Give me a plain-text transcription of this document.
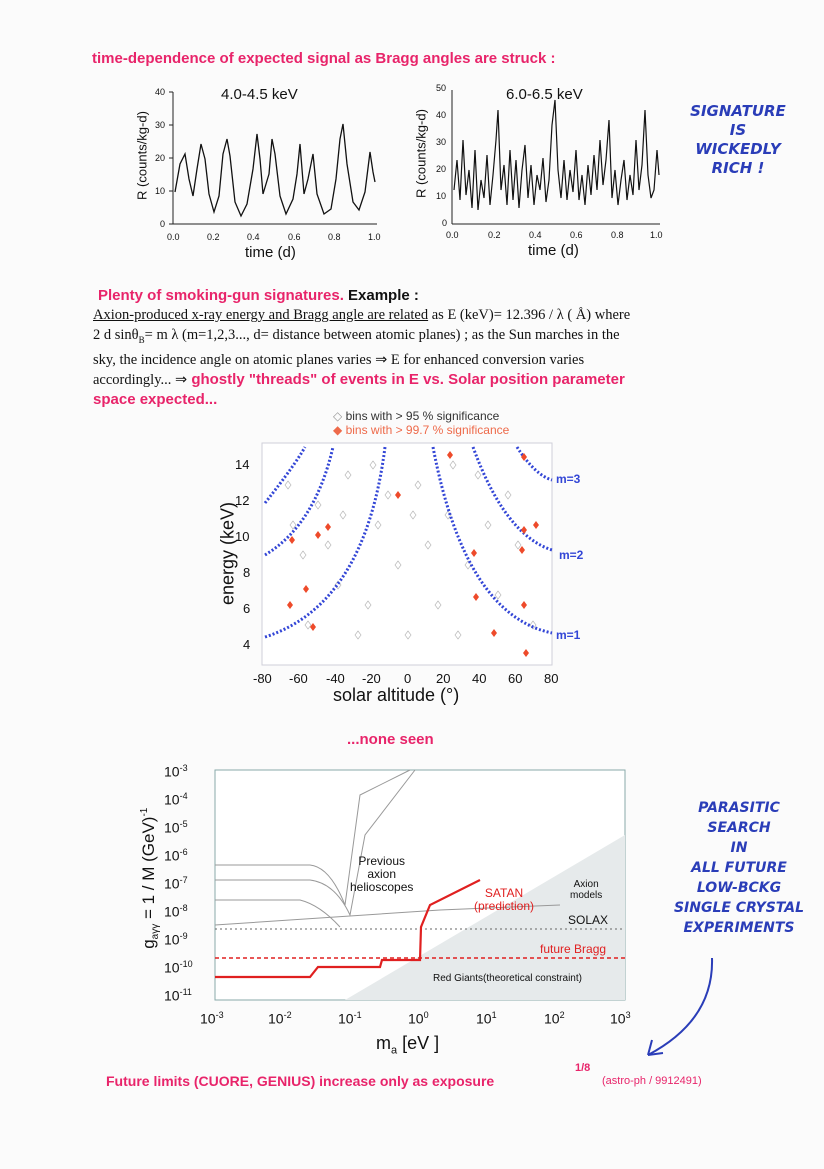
time-dependence of expected signal as Bragg angles are struck :
4.0-4.5 keV
40
30
20
10
0
0.0	0.2	0.4	0.6	0.8	1.0
time (d)
R (counts/kg-d)
6.0-6.5 keV
50
40
30
20
10
0
0.0	0.2	0.4	0.6	0.8	1.0
time (d)
R (counts/kg-d)	SIGNATURE
IS
WICKEDLY
RICH !
Plenty of smoking-gun signatures. Example :
Axion-produced x-ray energy and Bragg angle are related as E (keV)= 12.396 / λ ( Å) where
2 d sinθ$_B$= m λ (m=1,2,3..., d= distance between atomic planes) ; as the Sun marches in the
sky, the incidence angle on atomic planes varies ⇒ E for enhanced conversion varies
accordingly... ⇒ ghostly "threads" of events in E vs. Solar position parameter
space expected...
◇ bins with > 95 % significance
◆ bins with > 99.7 % significance
m=3
m=2
m=1
14
12
10
8
6
4
-80 -60 -40 -20 0 20 40 60 80
solar altitude (°)
energy (keV)
...none seen
Previous
axion
helioscopes	SATAN
(prediction)
Axion
models
SOLAX
future Bragg
Red Giants(theoretical constraint)
$10^{-3}$
$10^{-4}$
$10^{-5}$
$10^{-6}$
$10^{-7}$
$10^{-8}$
$10^{-9}$
$10^{-10}$
$10^{-11}$
$10^{-3}$	$10^{-2}$	$10^{-1}$	$10^0$	$10^1$	$10^2$	$10^3$
$m_a$ [eV ]
$g_{a\gamma\gamma} = 1 / M$ (GeV)$^{-1}$	PARASITIC
SEARCH
IN
ALL FUTURE
LOW-BCKG
SINGLE CRYSTAL
EXPERIMENTS
Future limits (CUORE, GENIUS) increase only as exposure
1/8
(astro-ph / 9912491)
